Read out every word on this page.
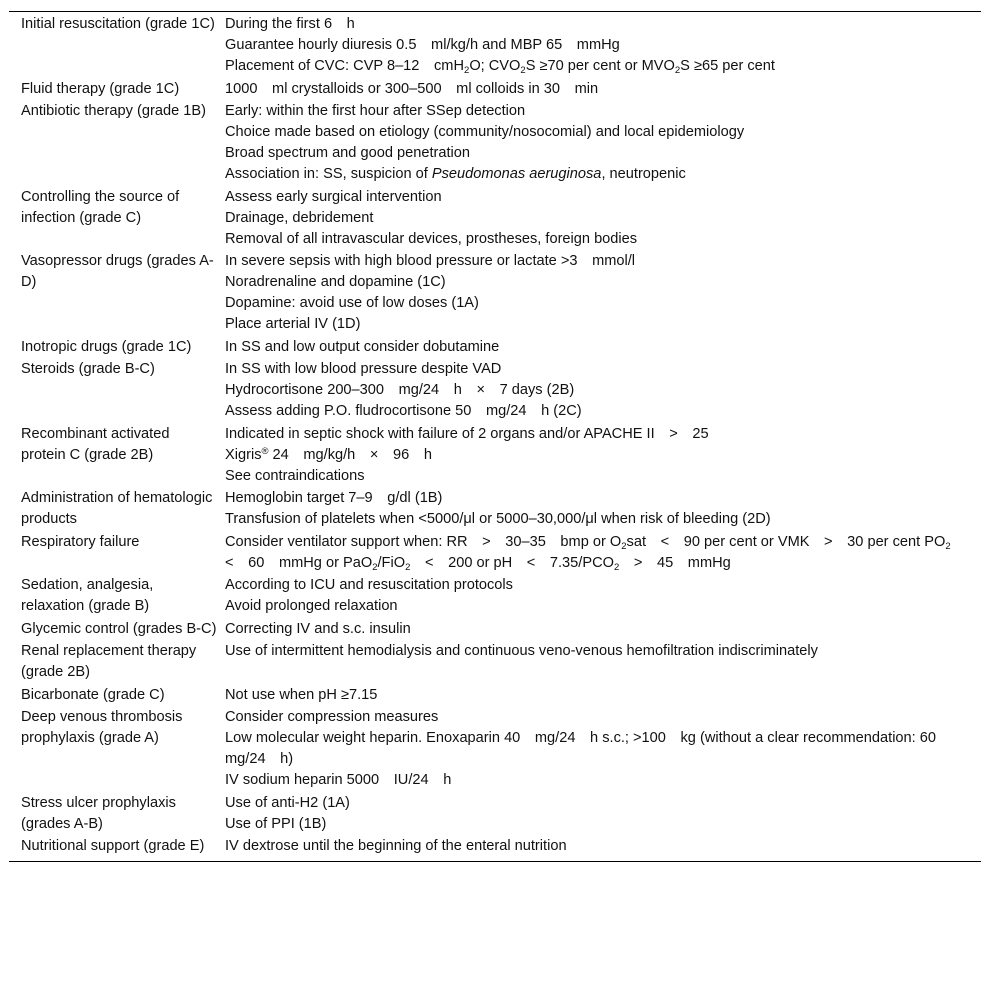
Initial resuscitation (grade 1C)	During the first 6    h
Guarantee hourly diuresis 0.5    ml/kg/h and MBP 65    mmHg
Placement of CVC: CVP 8–12    cmH$_2$O; $CVO_2S \ge 70$ per cent or $MVO_2S \ge 65$ per cent

Fluid therapy (grade 1C)	1000    ml crystalloids or 300–500    ml colloids in 30    min

Antibiotic therapy (grade 1B)	Early: within the first hour after SSep detection
Choice made based on etiology (community/nosocomial) and local epidemiology
Broad spectrum and good penetration
Association in: SS, suspicion of Pseudomonas aeruginosa, neutropenic

Controlling the source of infection (grade C)	Assess early surgical intervention
Drainage, debridement
Removal of all intravascular devices, prostheses, foreign bodies

Vasopressor drugs (grades A-D)	In severe sepsis with high blood pressure or lactate >3    mmol/l
Noradrenaline and dopamine (1C)
Dopamine: avoid use of low doses (1A)
Place arterial IV (1D)

Inotropic drugs (grade 1C)	In SS and low output consider dobutamine

Steroids (grade B-C)	In SS with low blood pressure despite VAD
Hydrocortisone 200–300    mg/24    h    ×    7 days (2B)
Assess adding P.O. fludrocortisone 50    mg/24    h (2C)

Recombinant activated protein C (grade 2B)	Indicated in septic shock with failure of 2 organs and/or APACHE II    >    25
Xigris® 24    mg/kg/h    ×    96    h
See contraindications

Administration of hematologic products	Hemoglobin target 7–9    g/dl (1B)
Transfusion of platelets when <5000/μl or 5000–30,000/μl when risk of bleeding (2D)

Respiratory failure	Consider ventilator support when: RR    >    30–35    bmp or $O_2sat$    <    90 per cent or VMK    >    30 per cent $PO_2$    <    60    mmHg or PaO$_2$/FiO$_2$    <    200 or pH    <    $7.35/PCO_2$    >    45    mmHg

Sedation, analgesia, relaxation (grade B)	According to ICU and resuscitation protocols
Avoid prolonged relaxation

Glycemic control (grades B-C)	Correcting IV and s.c. insulin

Renal replacement therapy (grade 2B)	Use of intermittent hemodialysis and continuous veno-venous hemofiltration indiscriminately

Bicarbonate (grade C)	Not use when pH ≥7.15

Deep venous thrombosis prophylaxis (grade A)	Consider compression measures
Low molecular weight heparin. Enoxaparin 40    mg/24    h s.c.; >100    kg (without a clear recommendation: 60    mg/24    h)
IV sodium heparin 5000    IU/24    h

Stress ulcer prophylaxis (grades A-B)	Use of anti-H2 (1A)
Use of PPI (1B)

Nutritional support (grade E)	IV dextrose until the beginning of the enteral nutrition
